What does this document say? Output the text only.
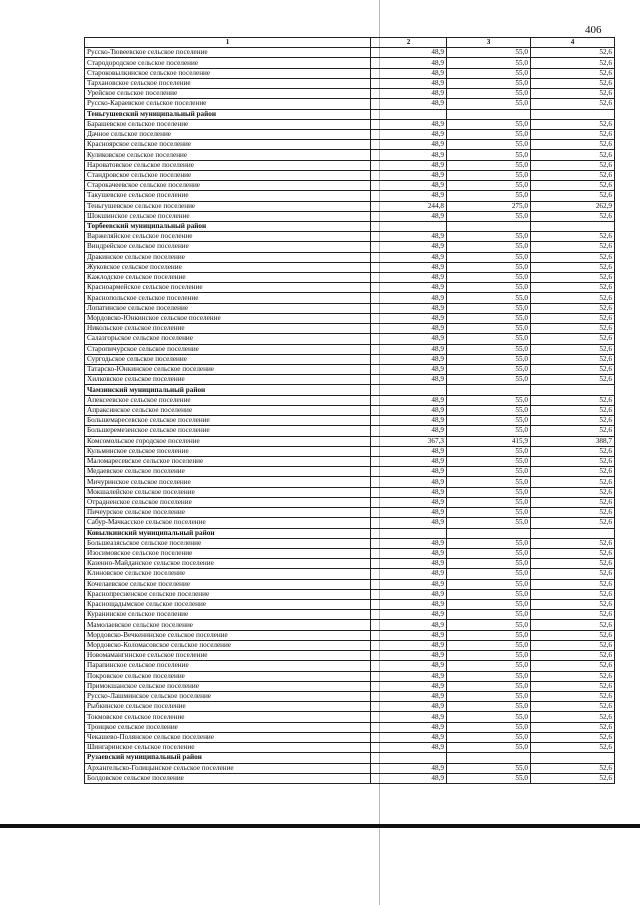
406
1	2	3	4
Русско-Тювеевское сельское поселение	48,9	55,0	52,6
Стародородское сельское поселение	48,9	55,0	52,6
Староковылкинское сельское поселение	48,9	55,0	52,6
Тархановское сельское поселение	48,9	55,0	52,6
Урейское сельское поселение	48,9	55,0	52,6
Русско-Караевское сельское поселение	48,9	55,0	52,6
Теньгушевский муниципальный район			
Барашевское сельское поселение	48,9	55,0	52,6
Дачное сельское поселение	48,9	55,0	52,6
Красноярское сельское поселение	48,9	55,0	52,6
Куликовское сельское поселение	48,9	55,0	52,6
Нароватовское сельское поселение	48,9	55,0	52,6
Стандровское сельское поселение	48,9	55,0	52,6
Старокачеевское сельское поселение	48,9	55,0	52,6
Такушевское сельское поселение	48,9	55,0	52,6
Теньгушевское сельское поселение	244,8	275,0	262,9
Шокшинское сельское поселение	48,9	55,0	52,6
Торбеевский муниципальный район			
Варжеляйское сельское поселение	48,9	55,0	52,6
Виндрейское сельское поселение	48,9	55,0	52,6
Дракинское сельское поселение	48,9	55,0	52,6
Жуковское сельское поселение	48,9	55,0	52,6
Кажлодское сельское поселение	48,9	55,0	52,6
Красноармейское сельское поселение	48,9	55,0	52,6
Краснопольское сельское поселение	48,9	55,0	52,6
Лопатинское сельское поселение	48,9	55,0	52,6
Мордовско-Юнкинское сельское поселение	48,9	55,0	52,6
Никольское сельское поселение	48,9	55,0	52,6
Салазгорьское сельское поселение	48,9	55,0	52,6
Старопичурское сельское поселение	48,9	55,0	52,6
Сургодьское сельское поселение	48,9	55,0	52,6
Татарско-Юнкинское сельское поселение	48,9	55,0	52,6
Хилковское сельское поселение	48,9	55,0	52,6
Чамзинский муниципальный район			
Апексеевское сельское поселение	48,9	55,0	52,6
Апраксинское сельское поселение	48,9	55,0	52,6
Большемаресевское сельское поселение	48,9	55,0	52,6
Большеремезенское сельское поселение	48,9	55,0	52,6
Комсомольское городское поселение	367,3	415,9	388,7
Кульминское сельское поселение	48,9	55,0	52,6
Маломаресевское сельское поселение	48,9	55,0	52,6
Медаевское сельское поселение	48,9	55,0	52,6
Мичуринское сельское поселение	48,9	55,0	52,6
Мокшалейское сельское поселение	48,9	55,0	52,6
Отрадненское сельское поселение	48,9	55,0	52,6
Пичеурское сельское поселение	48,9	55,0	52,6
Сабур-Мачкасское сельское поселение	48,9	55,0	52,6
Ковылкинский муниципальный район			
Большеазясьское сельское поселение	48,9	55,0	52,6
Изосимовское сельское поселение	48,9	55,0	52,6
Казенно-Майданское сельское поселение	48,9	55,0	52,6
Клиновское сельское поселение	48,9	55,0	52,6
Кочелаевское сельское поселение	48,9	55,0	52,6
Краснопресненское сельское поселение	48,9	55,0	52,6
Краснощадымское сельское поселение	48,9	55,0	52,6
Куранинское сельское поселение	48,9	55,0	52,6
Мамолаевское сельское поселение	48,9	55,0	52,6
Мордовско-Вечкенинское сельское поселение	48,9	55,0	52,6
Мордовско-Коломасовское сельское поселение	48,9	55,0	52,6
Новомамангинское сельское поселение	48,9	55,0	52,6
Парапинское сельское поселение	48,9	55,0	52,6
Покровское сельское поселение	48,9	55,0	52,6
Примокшанское сельское поселение	48,9	55,0	52,6
Русско-Лашминское сельское поселение	48,9	55,0	52,6
Рыбкинское сельское поселение	48,9	55,0	52,6
Токмовское сельское поселение	48,9	55,0	52,6
Троицкое сельское поселение	48,9	55,0	52,6
Чекашево-Полянское сельское поселение	48,9	55,0	52,6
Шингаринское сельское поселение	48,9	55,0	52,6
Рузаевский муниципальный район			
Архангельско-Голицынское сельское поселение	48,9	55,0	52,6
Болдовское сельское поселение	48,9	55,0	52,6
